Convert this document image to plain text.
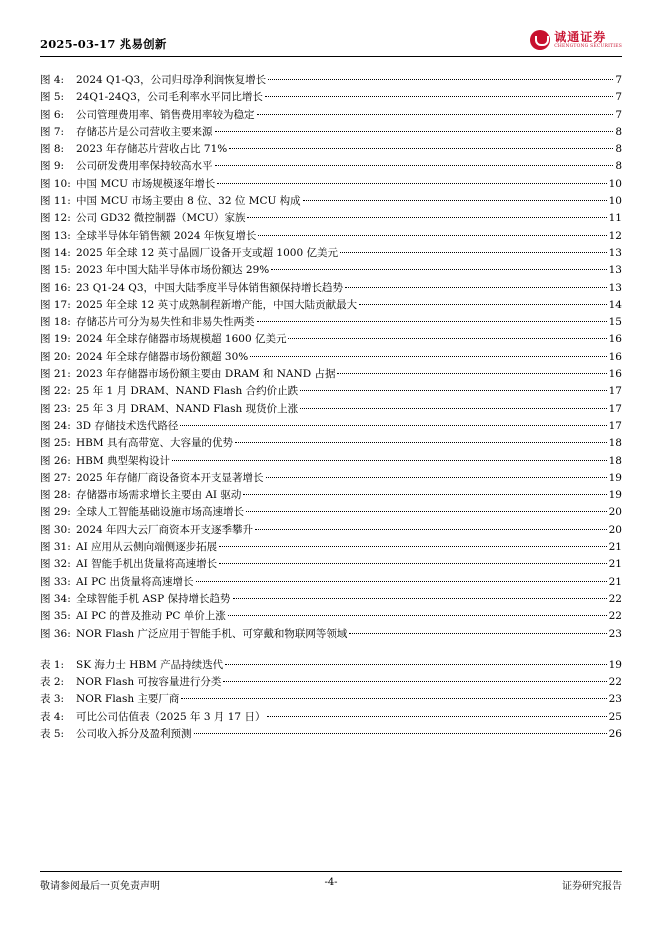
2025-03-17 兆易创新
诚通证券
CHENGTONG SECURITIES
图 4:	2024 Q1-Q3，公司归母净利润恢复增长	7
图 5:	24Q1-24Q3，公司毛利率水平同比增长	7
图 6:	公司管理费用率、销售费用率较为稳定	7
图 7:	存储芯片是公司营收主要来源	8
图 8:	2023 年存储芯片营收占比 71%	8
图 9:	公司研发费用率保持较高水平	8
图 10: 中国 MCU 市场规模逐年增长	10
图 11: 中国 MCU 市场主要由 8 位、32 位 MCU 构成	10
图 12: 公司 GD32 微控制器（MCU）家族	11
图 13: 全球半导体年销售额 2024 年恢复增长	12
图 14: 2025 年全球 12 英寸晶圆厂设备开支或超 1000 亿美元	13
图 15: 2023 年中国大陆半导体市场份额达 29%	13
图 16: 23 Q1-24 Q3，中国大陆季度半导体销售额保持增长趋势	13
图 17: 2025 年全球 12 英寸成熟制程新增产能，中国大陆贡献最大	14
图 18: 存储芯片可分为易失性和非易失性两类	15
图 19: 2024 年全球存储器市场规模超 1600 亿美元	16
图 20: 2024 年全球存储器市场份额超 30%	16
图 21: 2023 年存储器市场份额主要由 DRAM 和 NAND 占据	16
图 22: 25 年 1 月 DRAM、NAND Flash 合约价止跌	17
图 23: 25 年 3 月 DRAM、NAND Flash 现货价上涨	17
图 24: 3D 存储技术迭代路径	17
图 25: HBM 具有高带宽、大容量的优势	18
图 26: HBM 典型架构设计	18
图 27: 2025 年存储厂商设备资本开支显著增长	19
图 28: 存储器市场需求增长主要由 AI 驱动	19
图 29: 全球人工智能基础设施市场高速增长	20
图 30: 2024 年四大云厂商资本开支逐季攀升	20
图 31: AI 应用从云侧向端侧逐步拓展	21
图 32: AI 智能手机出货量将高速增长	21
图 33: AI PC 出货量将高速增长	21
图 34: 全球智能手机 ASP 保持增长趋势	22
图 35: AI PC 的普及推动 PC 单价上涨	22
图 36: NOR Flash 广泛应用于智能手机、可穿戴和物联网等领域	23
表 1:	SK 海力士 HBM 产品持续迭代	19
表 2:	NOR Flash 可按容量进行分类	22
表 3:	NOR Flash 主要厂商	23
表 4:	可比公司估值表（2025 年 3 月 17 日）	25
表 5:	公司收入拆分及盈利预测	26
敬请参阅最后一页免责声明	-4-	证券研究报告
